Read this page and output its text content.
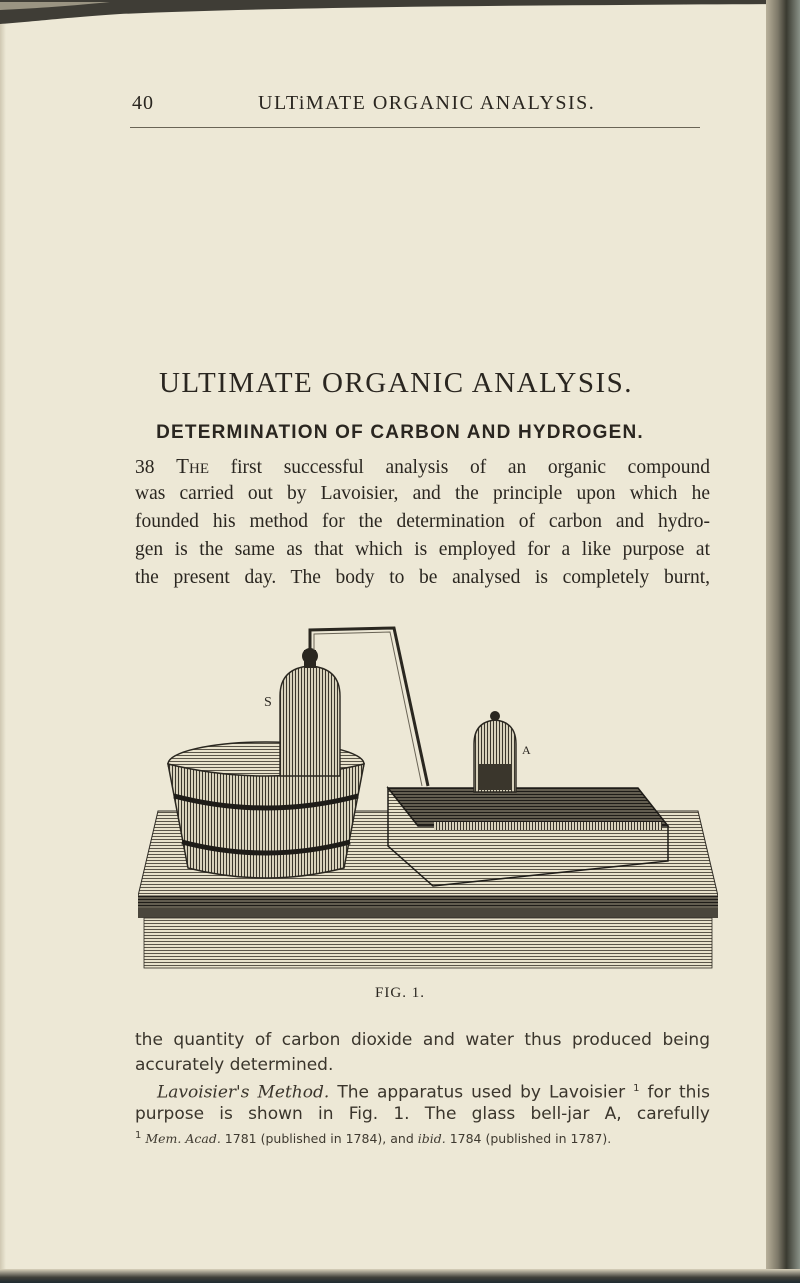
40	ULTiMATE ORGANIC ANALYSIS.
ULTIMATE ORGANIC ANALYSIS.
DETERMINATION OF CARBON AND HYDROGEN.
38 The first successful analysis of an organic compound
was carried out by Lavoisier, and the principle upon which he
founded his method for the determination of carbon and hydro-
gen is the same as that which is employed for a like purpose at
the present day. The body to be analysed is completely burnt,
S
A
FIG. 1.
the quantity of carbon dioxide and water thus produced being
accurately determined.
Lavoisier's Method. The apparatus used by Lavoisier $^1$ for this
purpose is shown in Fig. 1. The glass bell-jar A, carefully
$^1$ Mem. Acad. 1781 (published in 1784), and ibid. 1784 (published in 1787).
